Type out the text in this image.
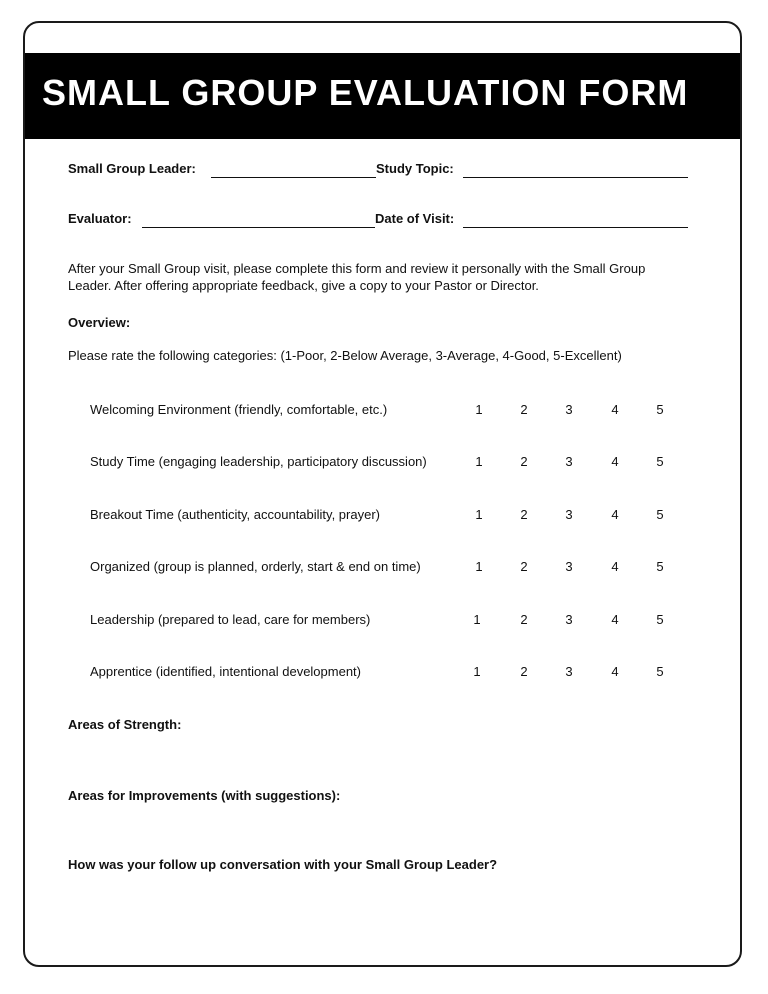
SMALL GROUP EVALUATION FORM
Small Group Leader:	Study Topic:
Evaluator:	Date of Visit:
After your Small Group visit, please complete this form and review it personally with the Small Group Leader. After offering appropriate feedback, give a copy to your Pastor or Director.
Overview:
Please rate the following categories: (1-Poor, 2-Below Average, 3-Average, 4-Good, 5-Excellent)
Welcoming Environment (friendly, comfortable, etc.)	1	2	3	4	5
Study Time (engaging leadership, participatory discussion)	1	2	3	4	5
Breakout Time (authenticity, accountability, prayer)	1	2	3	4	5
Organized (group is planned, orderly, start & end on time)	1	2	3	4	5
Leadership (prepared to lead, care for members)	1	2	3	4	5
Apprentice (identified, intentional development)	1	2	3	4	5
Areas of Strength:
Areas for Improvements (with suggestions):
How was your follow up conversation with your Small Group Leader?
